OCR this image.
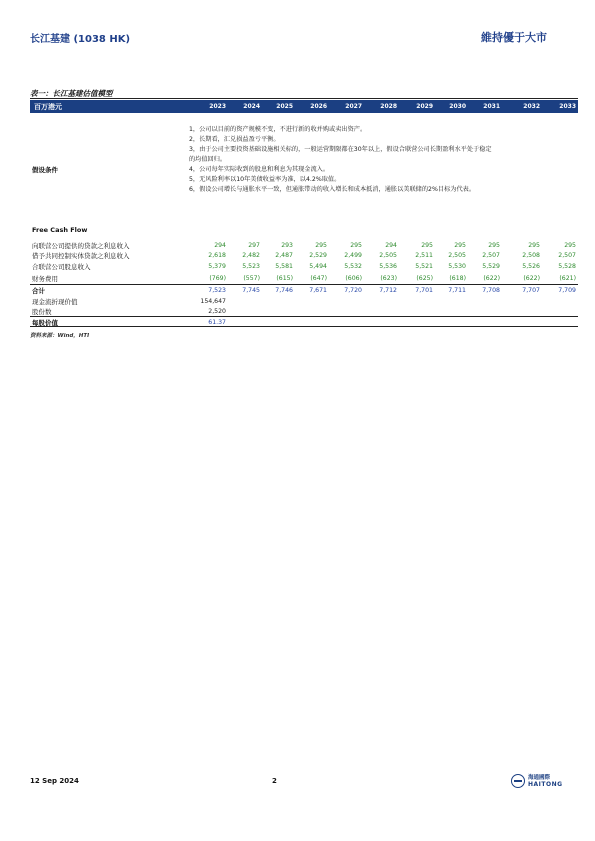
长江基建 (1038 HK)	維持優于大市
表一：长江基建估值模型
百万港元	2023	2024	2025	2026	2027	2028	2029	2030	2031	2032	2033
假设条件
1，公司以目前的资产规模不变，不进行新的收并购或卖出资产。
2，长期看，汇兑损益盈亏平衡。
3，由于公司主要投资基础设施相关标的，一般运营期限都在30年以上，假设合联营公司长期盈利水平处于稳定
的均值回归。
4，公司每年实际收到的股息和利息为其现金流入。
5，无风险利率以10年美债收益率为准，以4.2%取值。
6，假设公司增长与通胀水平一致，但通胀带动的收入增长和成本抵消，通胀以美联储的2%目标为代表。
Free Cash Flow
向联营公司提供的贷款之利息收入	294	297	293	295	295	294	295	295	295	295	295
借予共同控制实体贷款之利息收入	2,618	2,482	2,487	2,529	2,499	2,505	2,511	2,505	2,507	2,508	2,507
合联营公司股息收入	5,379	5,523	5,581	5,494	5,532	5,536	5,521	5,530	5,529	5,526	5,528
财务费用	(769)	(557)	(615)	(647)	(606)	(623)	(625)	(618)	(622)	(622)	(621)
合计	7,523	7,745	7,746	7,671	7,720	7,712	7,701	7,711	7,708	7,707	7,709
现金流折现价值	154,647
股份数	2,520
每股价值	61.37
资料来源：Wind，HTI
12 Sep 2024	2	海通國際
HAITONG
